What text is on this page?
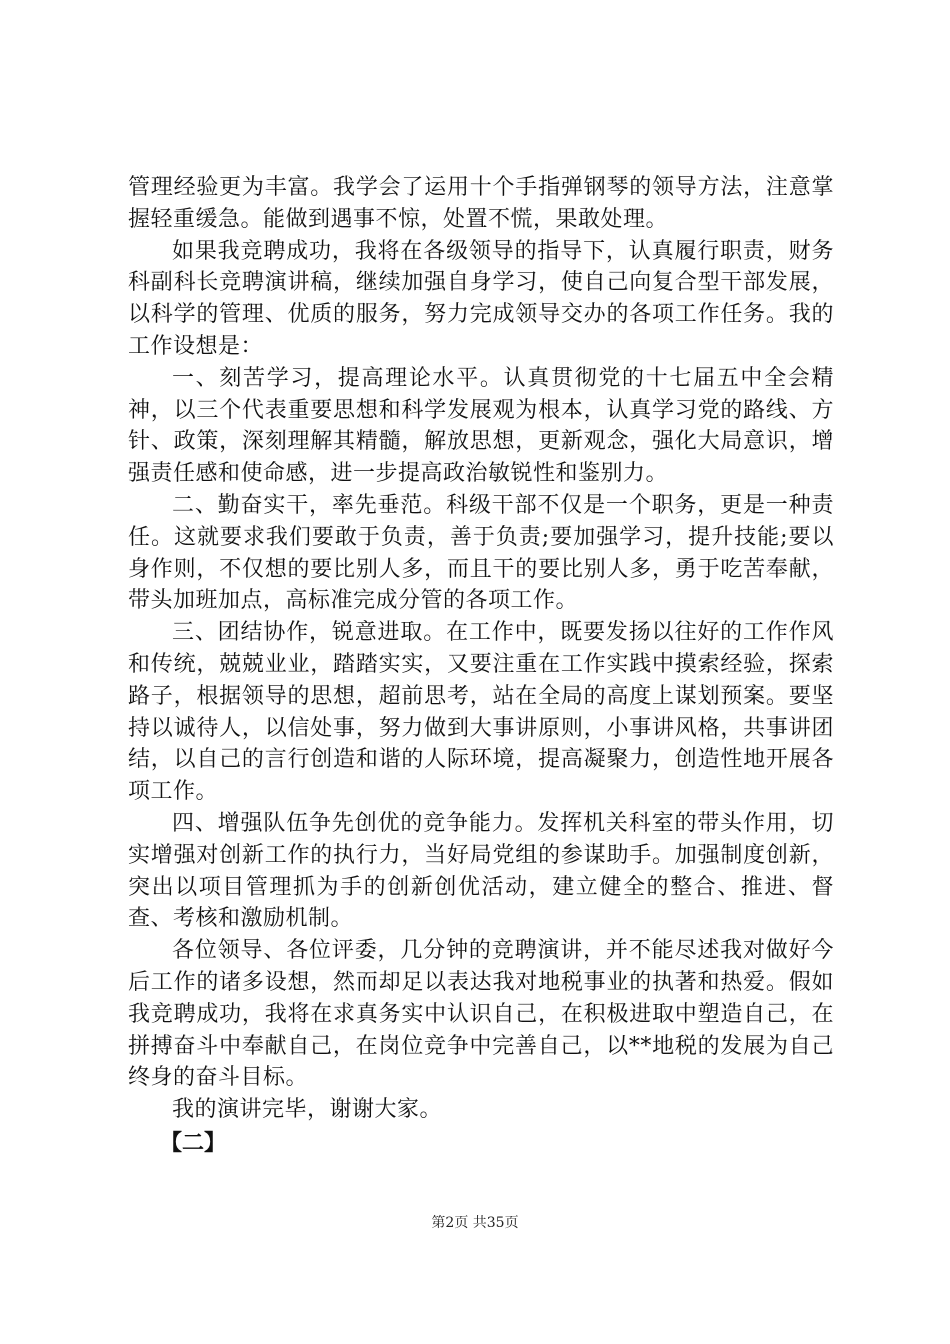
管理经验更为丰富。我学会了运用十个手指弹钢琴的领导方法，注意掌握轻重缓急。能做到遇事不惊，处置不慌，果敢处理。

如果我竞聘成功，我将在各级领导的指导下，认真履行职责，财务科副科长竞聘演讲稿，继续加强自身学习，使自己向复合型干部发展，以科学的管理、优质的服务，努力完成领导交办的各项工作任务。我的工作设想是：

一、刻苦学习，提高理论水平。认真贯彻党的十七届五中全会精神，以三个代表重要思想和科学发展观为根本，认真学习党的路线、方针、政策，深刻理解其精髓，解放思想，更新观念，强化大局意识，增强责任感和使命感，进一步提高政治敏锐性和鉴别力。

二、勤奋实干，率先垂范。科级干部不仅是一个职务，更是一种责任。这就要求我们要敢于负责，善于负责;要加强学习，提升技能;要以身作则，不仅想的要比别人多，而且干的要比别人多，勇于吃苦奉献，带头加班加点，高标准完成分管的各项工作。

三、团结协作，锐意进取。在工作中，既要发扬以往好的工作作风和传统，兢兢业业，踏踏实实，又要注重在工作实践中摸索经验，探索路子，根据领导的思想，超前思考，站在全局的高度上谋划预案。要坚持以诚待人，以信处事，努力做到大事讲原则，小事讲风格，共事讲团结，以自己的言行创造和谐的人际环境，提高凝聚力，创造性地开展各项工作。

四、增强队伍争先创优的竞争能力。发挥机关科室的带头作用，切实增强对创新工作的执行力，当好局党组的参谋助手。加强制度创新，突出以项目管理抓为手的创新创优活动，建立健全的整合、推进、督查、考核和激励机制。

各位领导、各位评委，几分钟的竞聘演讲，并不能尽述我对做好今后工作的诸多设想，然而却足以表达我对地税事业的执著和热爱。假如我竞聘成功，我将在求真务实中认识自己，在积极进取中塑造自己，在拼搏奋斗中奉献自己，在岗位竞争中完善自己，以**地税的发展为自己终身的奋斗目标。

我的演讲完毕，谢谢大家。

【二】

第2页 共35页
